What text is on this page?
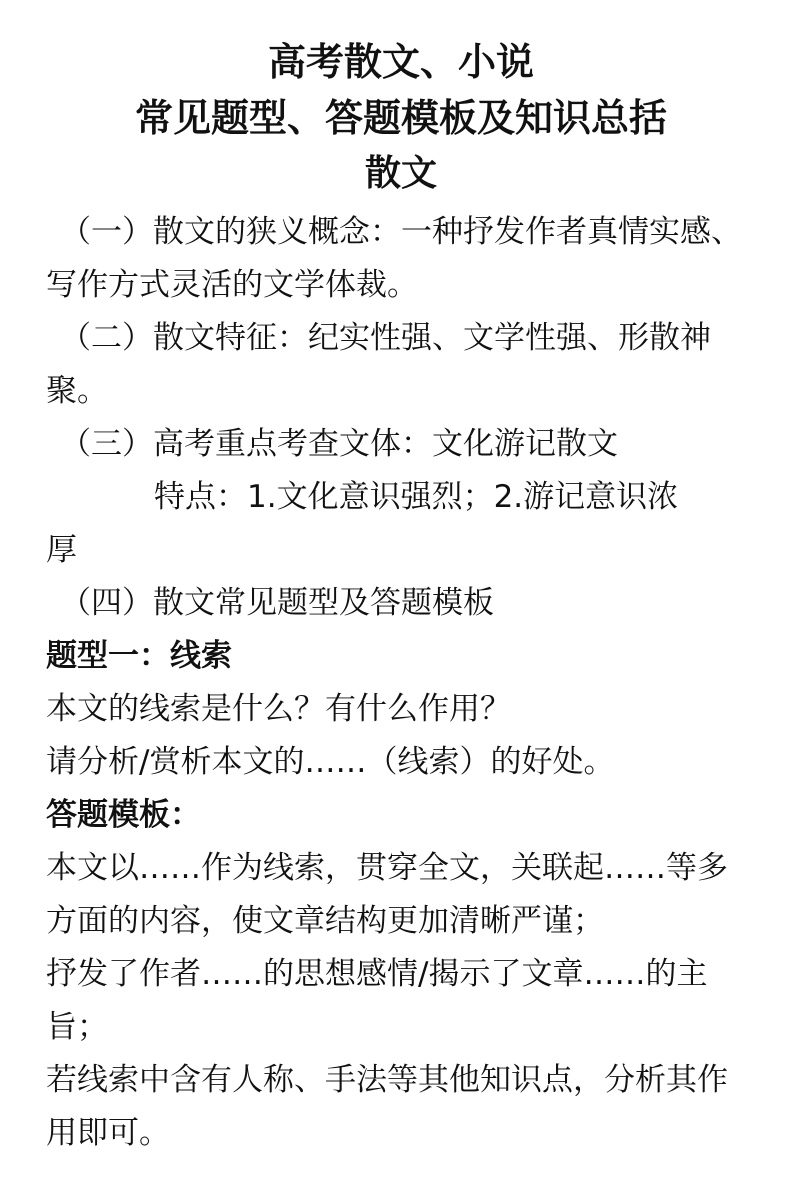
高考散文、小说
常见题型、答题模板及知识总括
散文

（一）散文的狭义概念：一种抒发作者真情实感、写作方式灵活的文学体裁。

（二）散文特征：纪实性强、文学性强、形散神聚。

（三）高考重点考查文体：文化游记散文

特点：1.文化意识强烈；2.游记意识浓

厚

（四）散文常见题型及答题模板

题型一：线索

本文的线索是什么？有什么作用？

请分析/赏析本文的……（线索）的好处。

答题模板：

本文以……作为线索，贯穿全文，关联起……等多方面的内容，使文章结构更加清晰严谨；

抒发了作者……的思想感情/揭示了文章……的主旨；

若线索中含有人称、手法等其他知识点，分析其作用即可。
